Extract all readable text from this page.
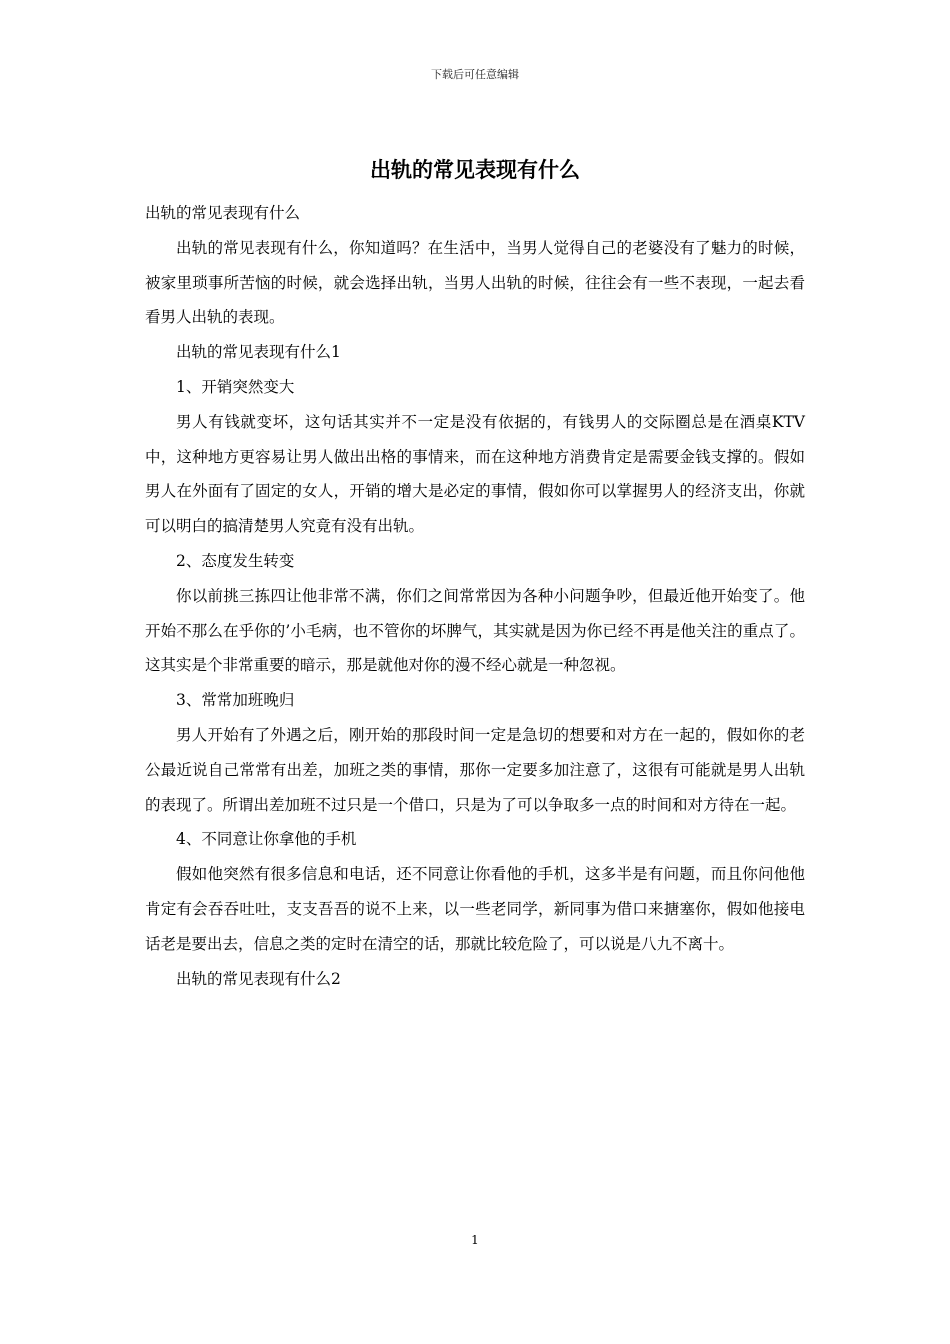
下载后可任意编辑
出轨的常见表现有什么

出轨的常见表现有什么

出轨的常见表现有什么，你知道吗？在生活中，当男人觉得自己的老婆没有了魅力的时候，被家里琐事所苦恼的时候，就会选择出轨，当男人出轨的时候，往往会有一些不表现，一起去看看男人出轨的表现。

出轨的常见表现有什么1

1、开销突然变大

男人有钱就变坏，这句话其实并不一定是没有依据的，有钱男人的交际圈总是在酒桌KTV中，这种地方更容易让男人做出出格的事情来，而在这种地方消费肯定是需要金钱支撑的。假如男人在外面有了固定的女人，开销的增大是必定的事情，假如你可以掌握男人的经济支出，你就可以明白的搞清楚男人究竟有没有出轨。

2、态度发生转变

你以前挑三拣四让他非常不满，你们之间常常因为各种小问题争吵，但最近他开始变了。他开始不那么在乎你的’小毛病，也不管你的坏脾气，其实就是因为你已经不再是他关注的重点了。这其实是个非常重要的暗示，那是就他对你的漫不经心就是一种忽视。

3、常常加班晚归

男人开始有了外遇之后，刚开始的那段时间一定是急切的想要和对方在一起的，假如你的老公最近说自己常常有出差，加班之类的事情，那你一定要多加注意了，这很有可能就是男人出轨的表现了。所谓出差加班不过只是一个借口，只是为了可以争取多一点的时间和对方待在一起。

4、不同意让你拿他的手机

假如他突然有很多信息和电话，还不同意让你看他的手机，这多半是有问题，而且你问他他肯定有会吞吞吐吐，支支吾吾的说不上来，以一些老同学，新同事为借口来搪塞你，假如他接电话老是要出去，信息之类的定时在清空的话，那就比较危险了，可以说是八九不离十。

出轨的常见表现有什么2

1
